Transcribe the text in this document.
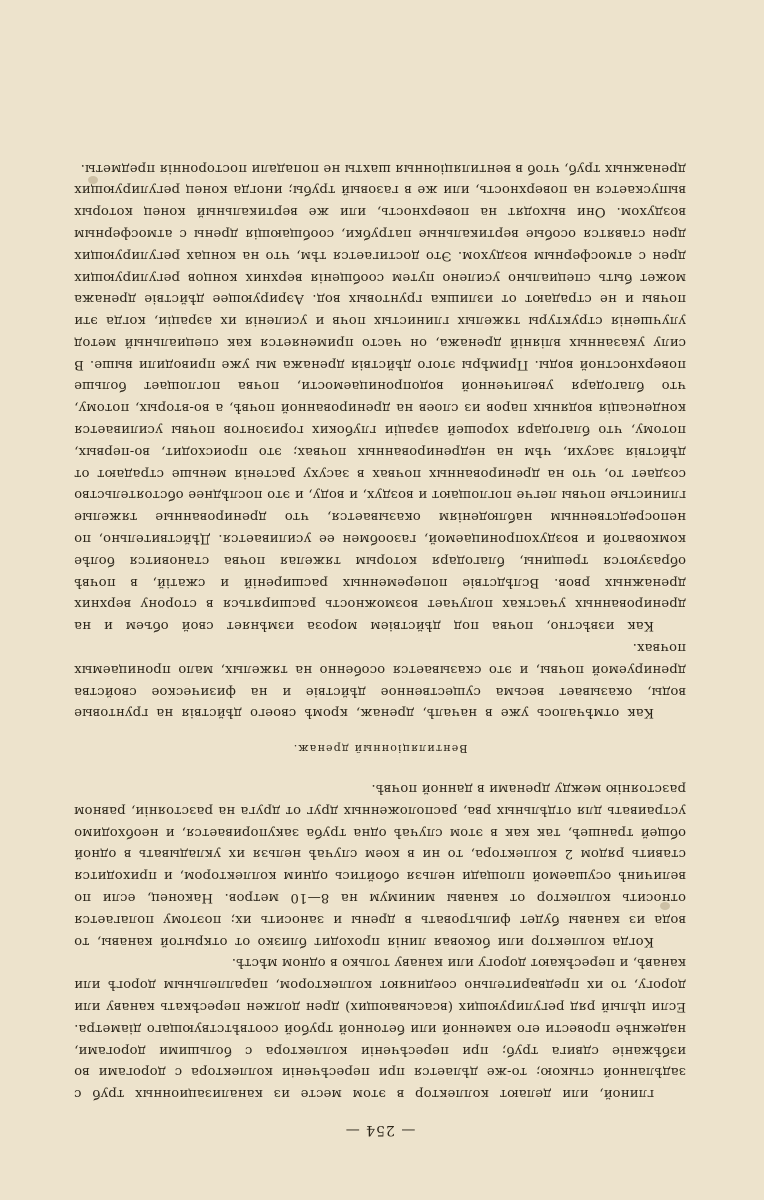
— 254 —

глиной, или делают коллектор в этом месте из канализационных труб с задѣланной стыкою; то-же дѣлается при пересѣченіи коллектора с дорогами во избѣжаніе сдвига труб; при пересѣченіи коллектора с большими дорогами, надежнѣе провести его каменной или бетонной трубой соотвѣтствующаго діаметра. Если цѣлый ряд регулирующих (всасывающих) дрен должен пересѣкать канаву или дорогу, то их предварительно соединяют коллектором, параллельным дорогѣ или канавѣ, и пересѣкают дорогу или канаву только в одном мѣстѣ.

Когда коллектор или боковая линія проходит близко от открытой канавы, то вода из канавы будет фильтровать в дрены и заносить их; поэтому полагается относить коллектор от канавы минимум на 8—10 метров. Наконец, если по величинѣ осушаемой площади нельзя обойтись одним коллектором, и приходится ставить рядом 2 коллектора, то ни в коем случаѣ нельзя их укладывать в одной общей траншеѣ, так как в этом случаѣ одна труба закупоривается, и необходимо устраивать для отдѣльных рва, расположенных друг от друга на разстояніи, равном разстоянію между дренами в данной почвѣ.

Вентиляціонный дренаж.

Как отмѣчалось уже в началѣ, дренаж, кромѣ своего дѣйствія на грунтовые воды, оказывает весьма существенное дѣйствіе и на физическое свойства дренируемой почвы, и это сказывается особенно на тяжелых, мало проницаемых почвах.

Как извѣстно, почва под дѣйствіем мороза измѣняет свой объем и на дренированных участках получает возможность расширяться в сторону верхних дренажных рвов. Вслѣдствіе попеременных расширеній и сжатій, в почвѣ образуются трещины, благодаря которым тяжелая почва становится болѣе комковатой и воздухопроницаемой, газообмен ее усиливается. Дѣйствительно, по непосредственным наблюденіям оказывается, что дренированные тяжелые глинистые почвы легче поглощают и воздух, и воду, и это послѣднее обстоятельство создает то, что на дренированных почвах в засуху растенія меньше страдают от дѣйствія засухи, чѣм на недренированных почвах; это происходит, во-первых, потому, что благодаря хорошей аэраціи глубоких горизонтов почвы усиливается конденсація водяных паров из слоев на дренированной почвѣ, а во-вторых, потому, что благодаря увеличенной водопроницаемости, почва поглощает больше поверхностной воды. Примѣры этого дѣйствія дренажа мы уже приводили выше. В силу указанных вліяній дренажа, он часто применяется как специальный метод улучшенія структуры тяжелых глинистых почв и усиленія их аэраціи, когда эти почвы и не страдают от излишка грунтовых вод. Аэрирующее дѣйствіе дренажа может быть специально усилено путем сообщенія верхних концов регулирующих дрен с атмосферным воздухом. Это достигается тѣм, что на концах регулирующих дрен ставятся особые вертикальные патрубки, сообщающія дрены с атмосферным воздухом. Они выходят на поверхность, или же вертикальный конец которых выпускается на поверхность, или же в газовый трубы; иногда конец регулирующих дренажных труб, чтоб в вентиляціонныя шахты не попадали постороннія предметы.
